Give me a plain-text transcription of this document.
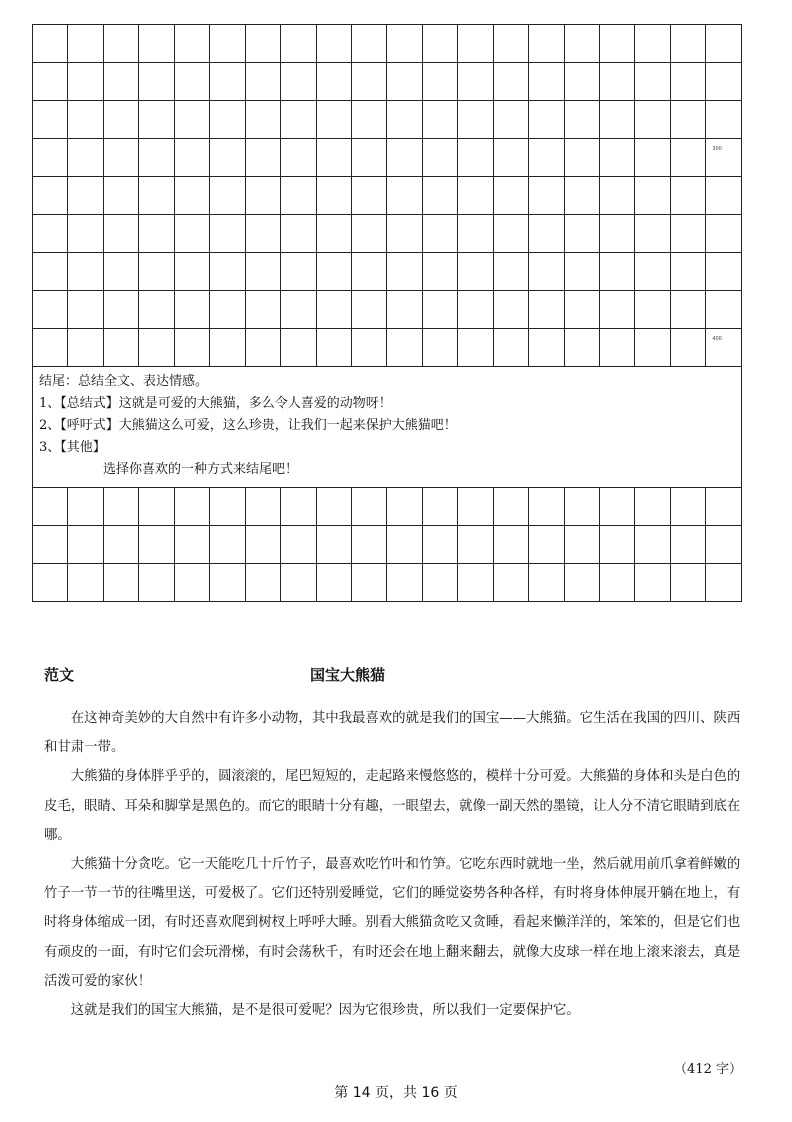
																			300

																			400

结尾：总结全文、表达情感。
1、【总结式】这就是可爱的大熊猫，多么令人喜爱的动物呀！
2、【呼吁式】大熊猫这么可爱，这么珍贵，让我们一起来保护大熊猫吧！
3、【其他】
选择你喜欢的一种方式来结尾吧！																			

范文	国宝大熊猫

在这神奇美妙的大自然中有许多小动物，其中我最喜欢的就是我们的国宝——大熊猫。它生活在我国的四川、陕西和甘肃一带。

大熊猫的身体胖乎乎的，圆滚滚的，尾巴短短的，走起路来慢悠悠的，模样十分可爱。大熊猫的身体和头是白色的皮毛，眼睛、耳朵和脚掌是黑色的。而它的眼睛十分有趣，一眼望去，就像一副天然的墨镜，让人分不清它眼睛到底在哪。

大熊猫十分贪吃。它一天能吃几十斤竹子，最喜欢吃竹叶和竹笋。它吃东西时就地一坐，然后就用前爪拿着鲜嫩的竹子一节一节的往嘴里送，可爱极了。它们还特别爱睡觉，它们的睡觉姿势各种各样，有时将身体伸展开躺在地上，有时将身体缩成一团，有时还喜欢爬到树杈上呼呼大睡。别看大熊猫贪吃又贪睡，看起来懒洋洋的，笨笨的，但是它们也有顽皮的一面，有时它们会玩滑梯，有时会荡秋千，有时还会在地上翻来翻去，就像大皮球一样在地上滚来滚去，真是活泼可爱的家伙！

这就是我们的国宝大熊猫，是不是很可爱呢？因为它很珍贵，所以我们一定要保护它。

（412 字）
第 14 页，共 16 页
